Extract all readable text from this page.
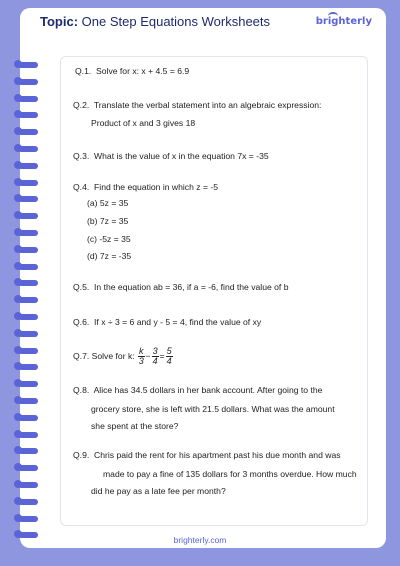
Topic: One Step Equations Worksheets	brighterly
Q.1. Solve for x: x + 4.5 = 6.9
Q.2. Translate the verbal statement into an algebraic expression:
Product of x and 3 gives 18
Q.3. What is the value of x in the equation 7x = -35
Q.4. Find the equation in which z = -5
(a) 5z = 35
(b) 7z = 35
(c) -5z = 35
(d) 7z = -35
Q.5. In the equation ab = 36, if a = -6, find the value of b
Q.6. If x ÷ 3 = 6 and y - 5 = 4, find the value of xy
Q.7.
Solve for k:
$\frac{k}{3} - \frac{3}{4} = \frac{5}{4}$
Q.8. Alice has 34.5 dollars in her bank account. After going to the
grocery store, she is left with 21.5 dollars. What was the amount
she spent at the store?
Q.9. Chris paid the rent for his apartment past his due month and was
made to pay a fine of 135 dollars for 3 months overdue. How much
did he pay as a late fee per month?
brighterly.com
